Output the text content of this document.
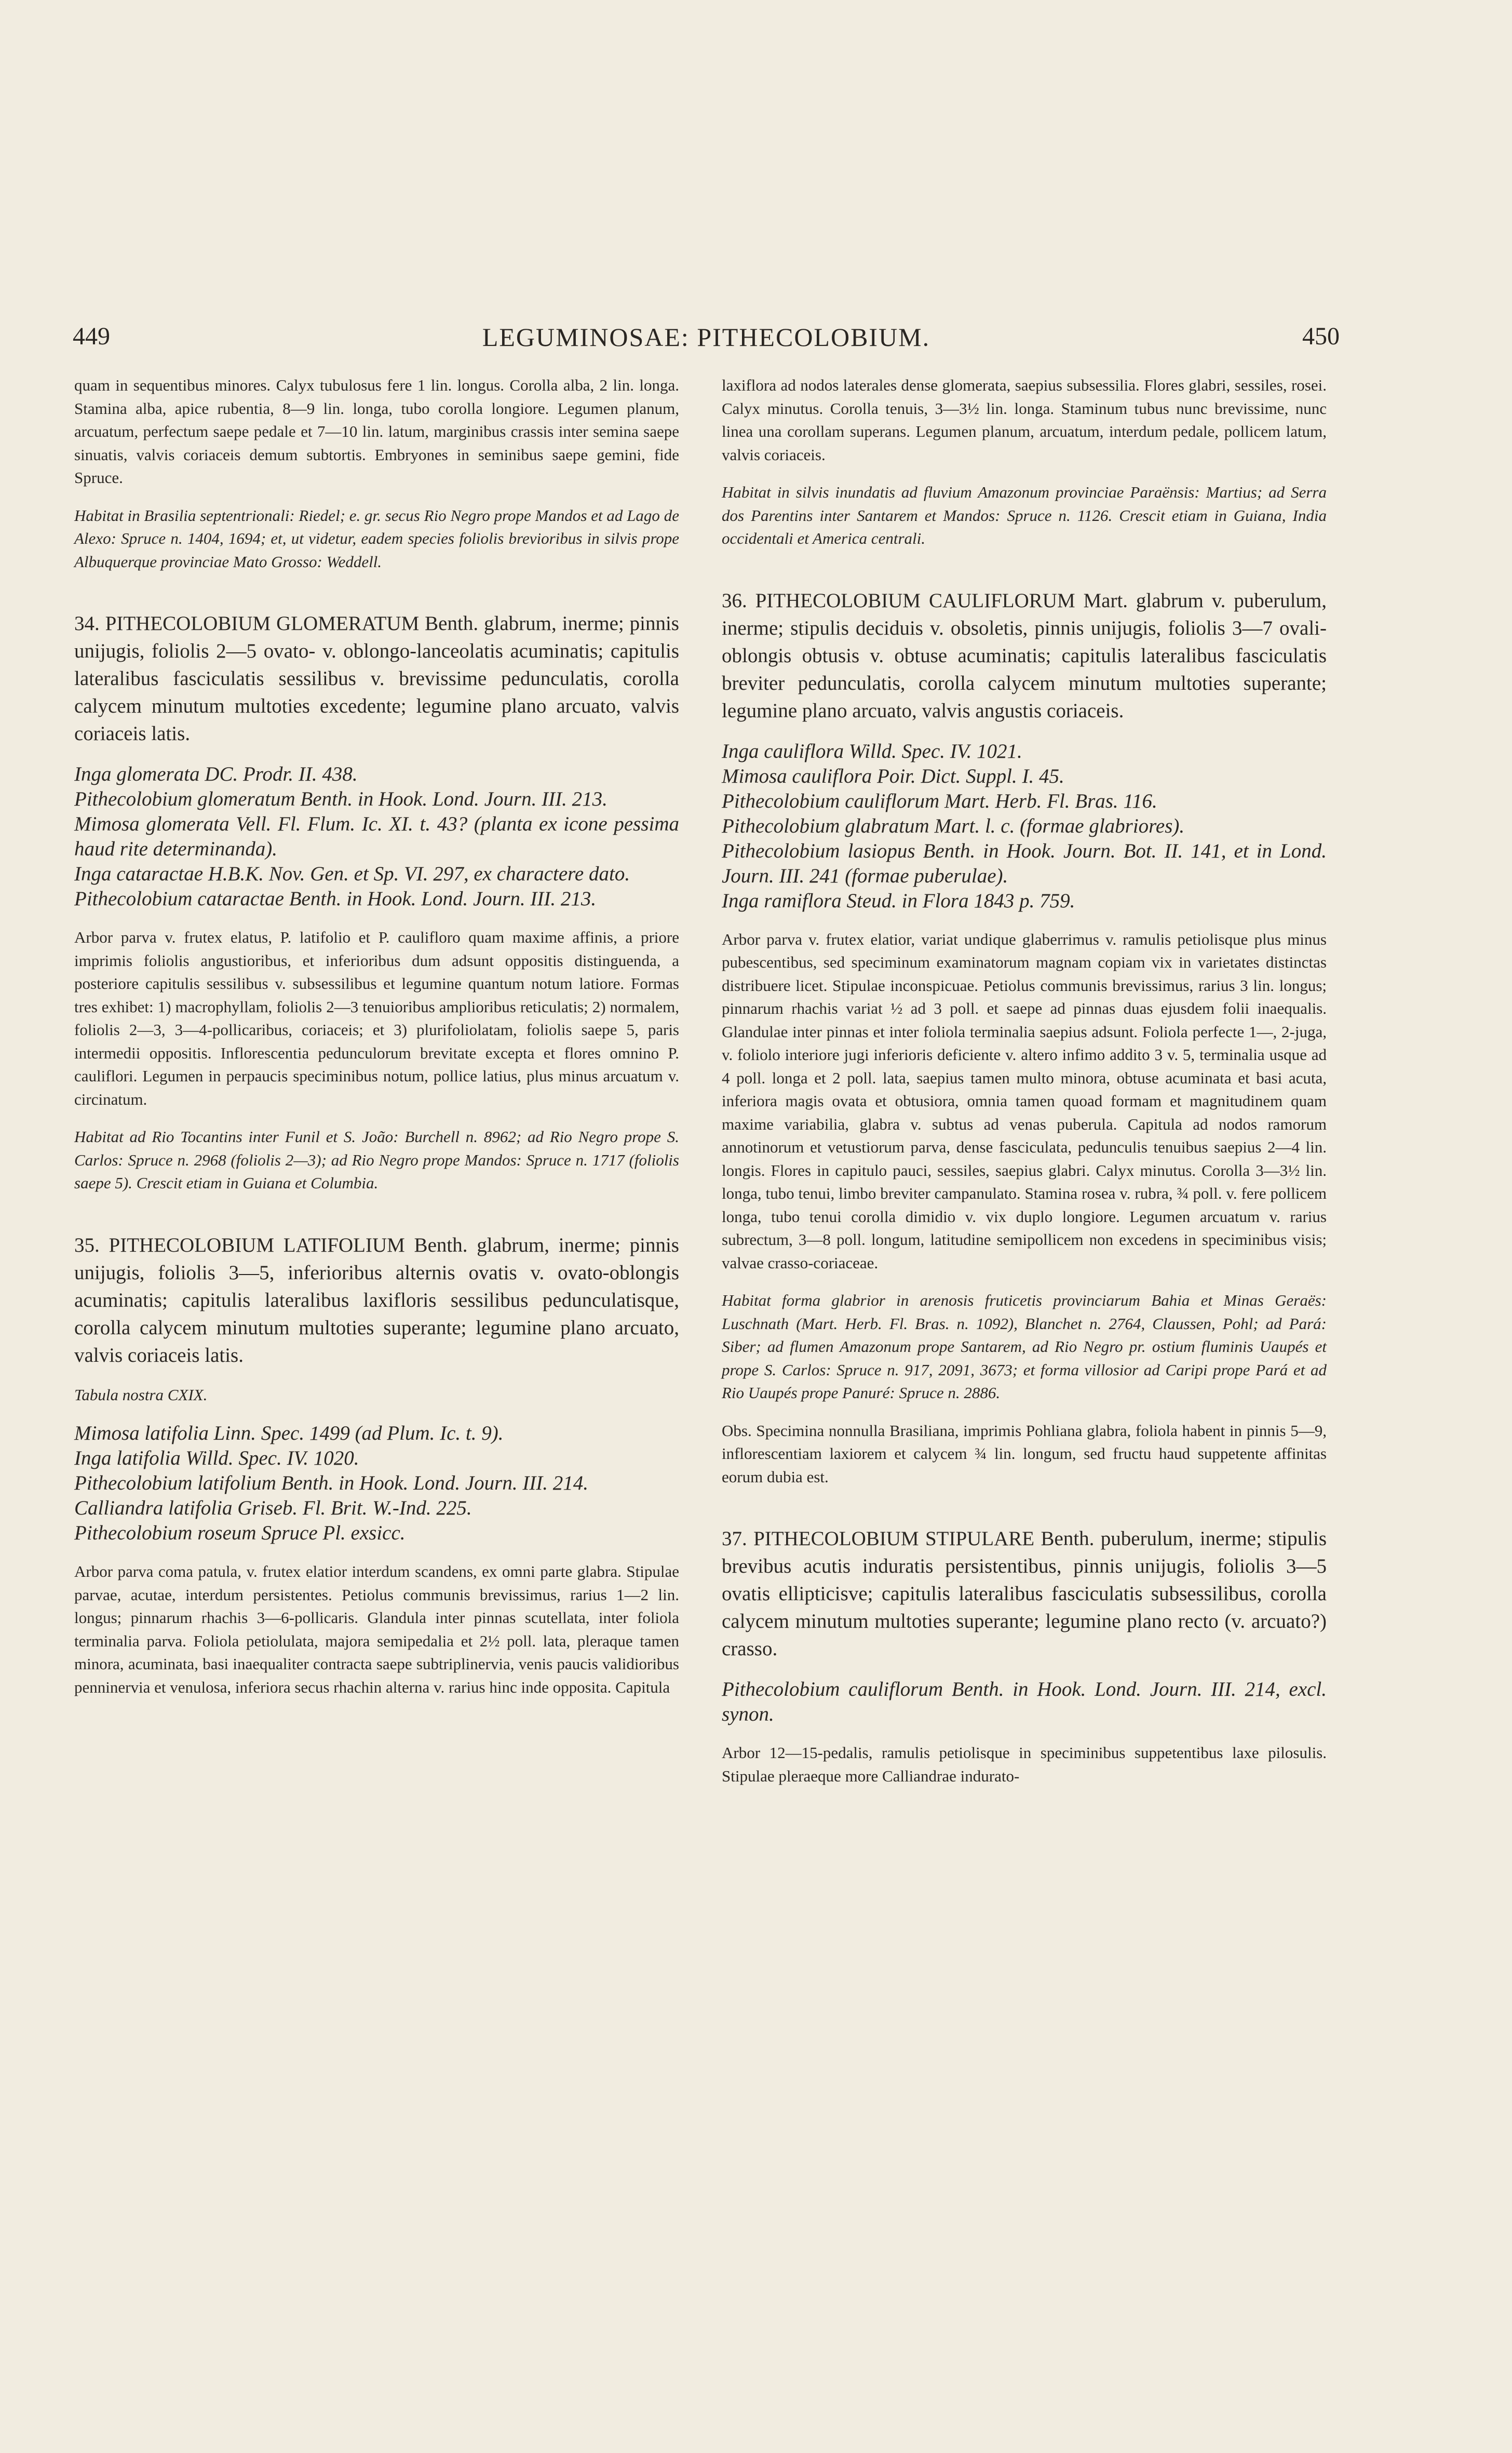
449	LEGUMINOSAE: PITHECOLOBIUM.	450

quam in sequentibus minores. Calyx tubulosus fere 1 lin. longus. Corolla alba, 2 lin. longa. Stamina alba, apice rubentia, 8—9 lin. longa, tubo corolla longiore. Legumen planum, arcuatum, perfectum saepe pedale et 7—10 lin. latum, marginibus crassis inter semina saepe sinuatis, valvis coriaceis demum subtortis. Embryones in seminibus saepe gemini, fide Spruce.

Habitat in Brasilia septentrionali: Riedel; e. gr. secus Rio Negro prope Mandos et ad Lago de Alexo: Spruce n. 1404, 1694; et, ut videtur, eadem species foliolis brevioribus in silvis prope Albuquerque provinciae Mato Grosso: Weddell.

34. PITHECOLOBIUM GLOMERATUM Benth. glabrum, inerme; pinnis unijugis, foliolis 2—5 ovato- v. oblongo-lanceolatis acuminatis; capitulis lateralibus fasciculatis sessilibus v. brevissime pedunculatis, corolla calycem minutum multoties excedente; legumine plano arcuato, valvis coriaceis latis.

Inga glomerata DC. Prodr. II. 438.

Pithecolobium glomeratum Benth. in Hook. Lond. Journ. III. 213.

Mimosa glomerata Vell. Fl. Flum. Ic. XI. t. 43? (planta ex icone pessima haud rite determinanda).

Inga cataractae H.B.K. Nov. Gen. et Sp. VI. 297, ex charactere dato.

Pithecolobium cataractae Benth. in Hook. Lond. Journ. III. 213.

Arbor parva v. frutex elatus, P. latifolio et P. caulifloro quam maxime affinis, a priore imprimis foliolis angustioribus, et inferioribus dum adsunt oppositis distinguenda, a posteriore capitulis sessilibus v. subsessilibus et legumine quantum notum latiore. Formas tres exhibet: 1) macrophyllam, foliolis 2—3 tenuioribus amplioribus reticulatis; 2) normalem, foliolis 2—3, 3—4-pollicaribus, coriaceis; et 3) plurifoliolatam, foliolis saepe 5, paris intermedii oppositis. Inflorescentia pedunculorum brevitate excepta et flores omnino P. cauliflori. Legumen in perpaucis speciminibus notum, pollice latius, plus minus arcuatum v. circinatum.

Habitat ad Rio Tocantins inter Funil et S. João: Burchell n. 8962; ad Rio Negro prope S. Carlos: Spruce n. 2968 (foliolis 2—3); ad Rio Negro prope Mandos: Spruce n. 1717 (foliolis saepe 5). Crescit etiam in Guiana et Columbia.

35. PITHECOLOBIUM LATIFOLIUM Benth. glabrum, inerme; pinnis unijugis, foliolis 3—5, inferioribus alternis ovatis v. ovato-oblongis acuminatis; capitulis lateralibus laxifloris sessilibus pedunculatisque, corolla calycem minutum multoties superante; legumine plano arcuato, valvis coriaceis latis.

Tabula nostra CXIX.

Mimosa latifolia Linn. Spec. 1499 (ad Plum. Ic. t. 9).

Inga latifolia Willd. Spec. IV. 1020.

Pithecolobium latifolium Benth. in Hook. Lond. Journ. III. 214.

Calliandra latifolia Griseb. Fl. Brit. W.-Ind. 225.

Pithecolobium roseum Spruce Pl. exsicc.

Arbor parva coma patula, v. frutex elatior interdum scandens, ex omni parte glabra. Stipulae parvae, acutae, interdum persistentes. Petiolus communis brevissimus, rarius 1—2 lin. longus; pinnarum rhachis 3—6-pollicaris. Glandula inter pinnas scutellata, inter foliola terminalia parva. Foliola petiolulata, majora semipedalia et 2½ poll. lata, pleraque tamen minora, acuminata, basi inaequaliter contracta saepe subtriplinervia, venis paucis validioribus penninervia et venulosa, inferiora secus rhachin alterna v. rarius hinc inde opposita. Capitula

laxiflora ad nodos laterales dense glomerata, saepius subsessilia. Flores glabri, sessiles, rosei. Calyx minutus. Corolla tenuis, 3—3½ lin. longa. Staminum tubus nunc brevissime, nunc linea una corollam superans. Legumen planum, arcuatum, interdum pedale, pollicem latum, valvis coriaceis.

Habitat in silvis inundatis ad fluvium Amazonum provinciae Paraënsis: Martius; ad Serra dos Parentins inter Santarem et Mandos: Spruce n. 1126. Crescit etiam in Guiana, India occidentali et America centrali.

36. PITHECOLOBIUM CAULIFLORUM Mart. glabrum v. puberulum, inerme; stipulis deciduis v. obsoletis, pinnis unijugis, foliolis 3—7 ovali-oblongis obtusis v. obtuse acuminatis; capitulis lateralibus fasciculatis breviter pedunculatis, corolla calycem minutum multoties superante; legumine plano arcuato, valvis angustis coriaceis.

Inga cauliflora Willd. Spec. IV. 1021.

Mimosa cauliflora Poir. Dict. Suppl. I. 45.

Pithecolobium cauliflorum Mart. Herb. Fl. Bras. 116.

Pithecolobium glabratum Mart. l. c. (formae glabriores).

Pithecolobium lasiopus Benth. in Hook. Journ. Bot. II. 141, et in Lond. Journ. III. 241 (formae puberulae).

Inga ramiflora Steud. in Flora 1843 p. 759.

Arbor parva v. frutex elatior, variat undique glaberrimus v. ramulis petiolisque plus minus pubescentibus, sed speciminum examinatorum magnam copiam vix in varietates distinctas distribuere licet. Stipulae inconspicuae. Petiolus communis brevissimus, rarius 3 lin. longus; pinnarum rhachis variat ½ ad 3 poll. et saepe ad pinnas duas ejusdem folii inaequalis. Glandulae inter pinnas et inter foliola terminalia saepius adsunt. Foliola perfecte 1—, 2-juga, v. foliolo interiore jugi inferioris deficiente v. altero infimo addito 3 v. 5, terminalia usque ad 4 poll. longa et 2 poll. lata, saepius tamen multo minora, obtuse acuminata et basi acuta, inferiora magis ovata et obtusiora, omnia tamen quoad formam et magnitudinem quam maxime variabilia, glabra v. subtus ad venas puberula. Capitula ad nodos ramorum annotinorum et vetustiorum parva, dense fasciculata, pedunculis tenuibus saepius 2—4 lin. longis. Flores in capitulo pauci, sessiles, saepius glabri. Calyx minutus. Corolla 3—3½ lin. longa, tubo tenui, limbo breviter campanulato. Stamina rosea v. rubra, ¾ poll. v. fere pollicem longa, tubo tenui corolla dimidio v. vix duplo longiore. Legumen arcuatum v. rarius subrectum, 3—8 poll. longum, latitudine semipollicem non excedens in speciminibus visis; valvae crasso-coriaceae.

Habitat forma glabrior in arenosis fruticetis provinciarum Bahia et Minas Geraës: Luschnath (Mart. Herb. Fl. Bras. n. 1092), Blanchet n. 2764, Claussen, Pohl; ad Pará: Siber; ad flumen Amazonum prope Santarem, ad Rio Negro pr. ostium fluminis Uaupés et prope S. Carlos: Spruce n. 917, 2091, 3673; et forma villosior ad Caripi prope Pará et ad Rio Uaupés prope Panuré: Spruce n. 2886.

Obs. Specimina nonnulla Brasiliana, imprimis Pohliana glabra, foliola habent in pinnis 5—9, inflorescentiam laxiorem et calycem ¾ lin. longum, sed fructu haud suppetente affinitas eorum dubia est.

37. PITHECOLOBIUM STIPULARE Benth. puberulum, inerme; stipulis brevibus acutis induratis persistentibus, pinnis unijugis, foliolis 3—5 ovatis ellipticisve; capitulis lateralibus fasciculatis subsessilibus, corolla calycem minutum multoties superante; legumine plano recto (v. arcuato?) crasso.

Pithecolobium cauliflorum Benth. in Hook. Lond. Journ. III. 214, excl. synon.

Arbor 12—15-pedalis, ramulis petiolisque in speciminibus suppetentibus laxe pilosulis. Stipulae pleraeque more Calliandrae indurato-
